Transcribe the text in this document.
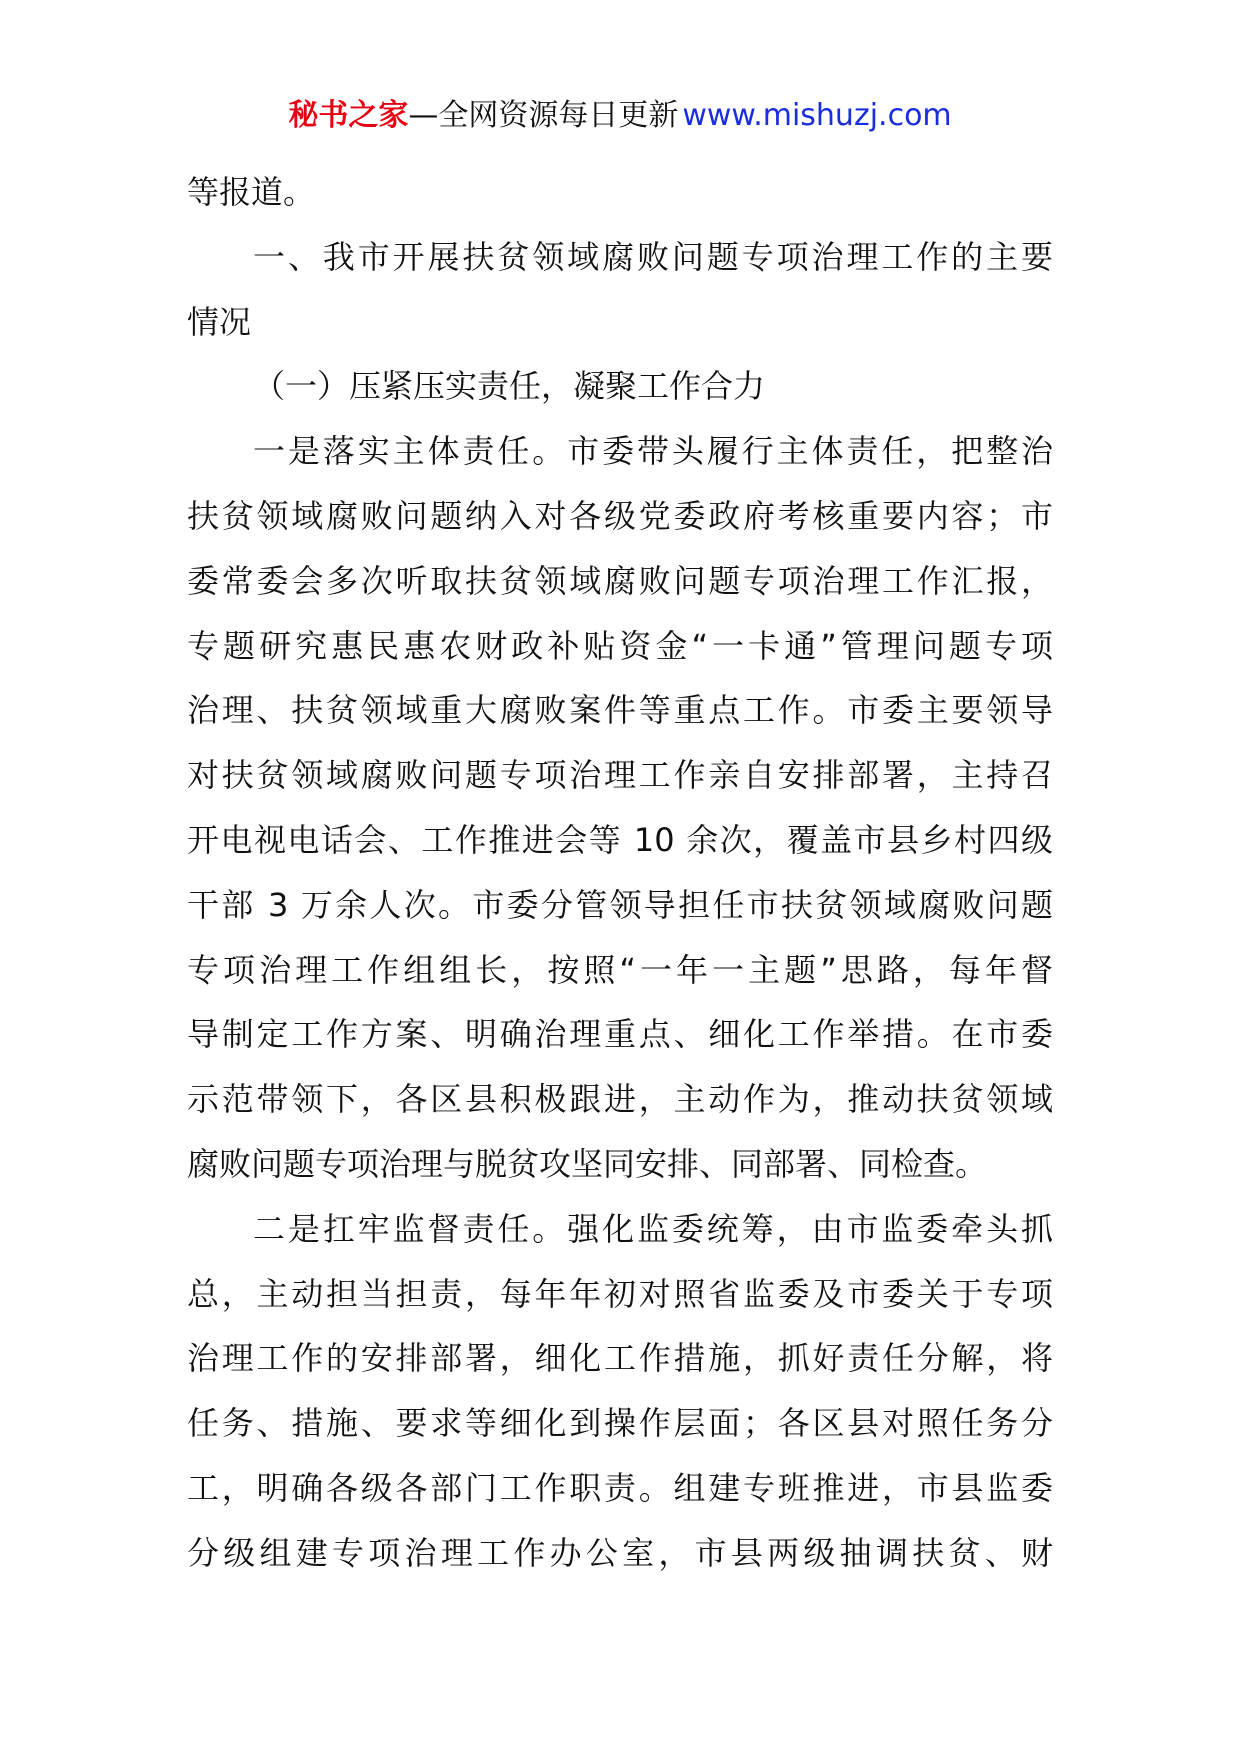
秘书之家—全网资源每日更新 www.mishuzj.com
等报道。
一、我市开展扶贫领域腐败问题专项治理工作的主要
情况
（一）压紧压实责任，凝聚工作合力
一是落实主体责任。市委带头履行主体责任，把整治
扶贫领域腐败问题纳入对各级党委政府考核重要内容；市
委常委会多次听取扶贫领域腐败问题专项治理工作汇报，
专题研究惠民惠农财政补贴资金“一卡通”管理问题专项
治理、扶贫领域重大腐败案件等重点工作。市委主要领导
对扶贫领域腐败问题专项治理工作亲自安排部署，主持召
开电视电话会、工作推进会等 10 余次，覆盖市县乡村四级
干部 3 万余人次。市委分管领导担任市扶贫领域腐败问题
专项治理工作组组长，按照“一年一主题”思路，每年督
导制定工作方案、明确治理重点、细化工作举措。在市委
示范带领下，各区县积极跟进，主动作为，推动扶贫领域
腐败问题专项治理与脱贫攻坚同安排、同部署、同检查。
二是扛牢监督责任。强化监委统筹，由市监委牵头抓
总，主动担当担责，每年年初对照省监委及市委关于专项
治理工作的安排部署，细化工作措施，抓好责任分解，将
任务、措施、要求等细化到操作层面；各区县对照任务分
工，明确各级各部门工作职责。组建专班推进，市县监委
分级组建专项治理工作办公室，市县两级抽调扶贫、财
